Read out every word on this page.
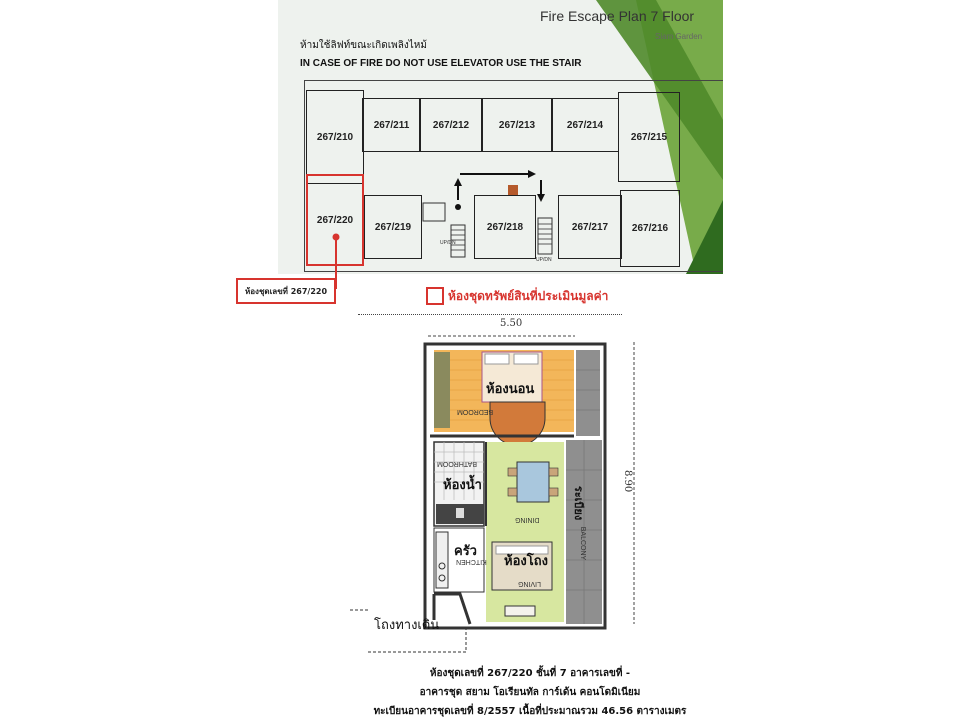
Fire Escape Plan 7 Floor
Siam Garden
ห้ามใช้ลิฟท์ขณะเกิดเพลิงไหม้
IN CASE OF FIRE DO NOT USE ELEVATOR USE THE STAIR
267/210
267/211	267/212	267/213	267/214
267/215
267/220
267/219	267/218	267/217	267/216
UP/DN
UP/DN
ห้องชุดเลขที่ 267/220	ห้องชุดทรัพย์สินที่ประเมินมูลค่า
5.50
8.90
ห้องนอน
BEDROOM
ห้องน้ำ
BATHROOM
DINING
ครัว
KITCHEN ห้องโถง
LIVING
ระเบียง
BALCONY
โถงทางเดิน
ห้องชุดเลขที่ 267/220 ชั้นที่ 7 อาคารเลขที่ -
อาคารชุด สยาม โอเรียนทัล การ์เด้น คอนโดมิเนียม
ทะเบียนอาคารชุดเลขที่ 8/2557 เนื้อที่ประมาณรวม 46.56 ตารางเมตร
